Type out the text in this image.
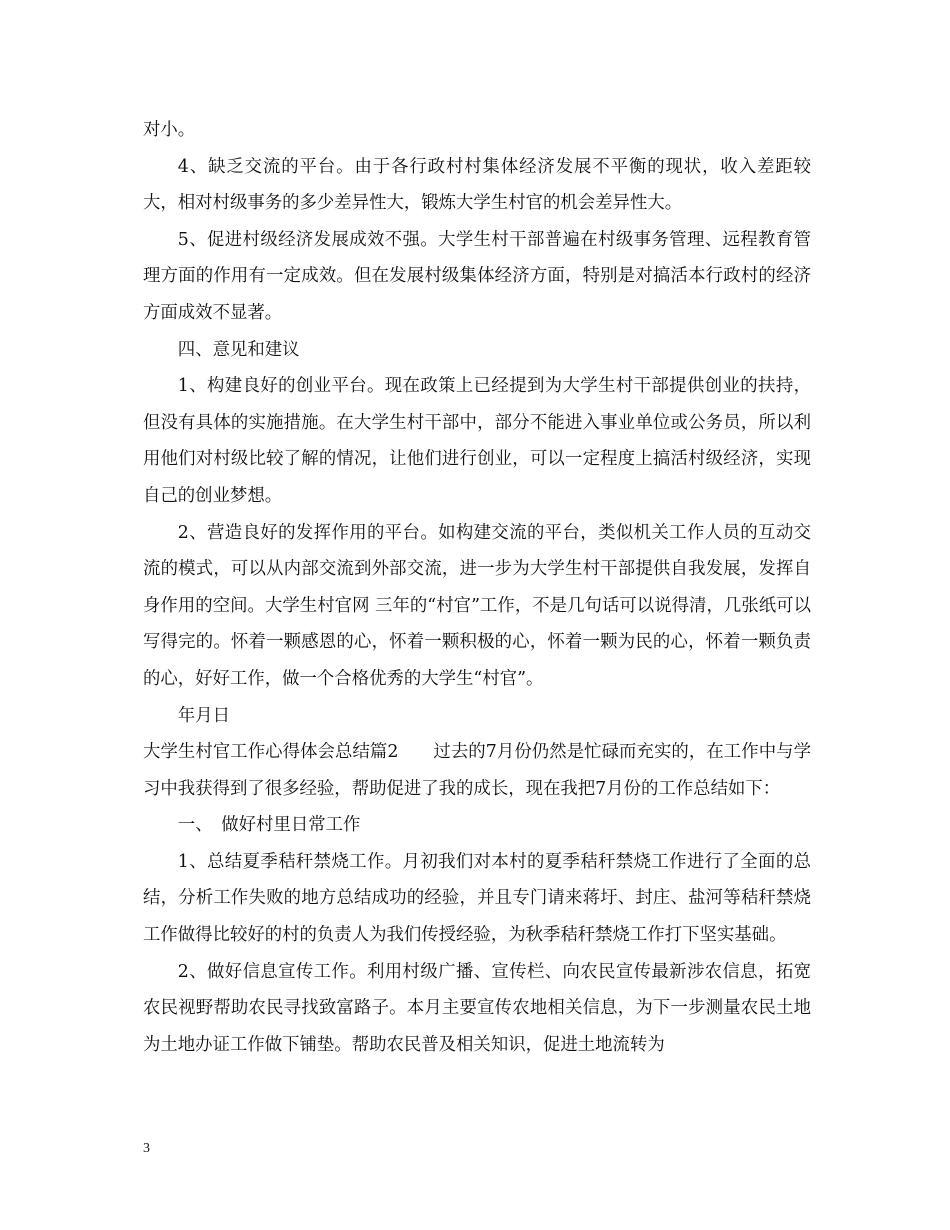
对小。

4、缺乏交流的平台。由于各行政村村集体经济发展不平衡的现状，收入差距较大，相对村级事务的多少差异性大，锻炼大学生村官的机会差异性大。

5、促进村级经济发展成效不强。大学生村干部普遍在村级事务管理、远程教育管理方面的作用有一定成效。但在发展村级集体经济方面，特别是对搞活本行政村的经济方面成效不显著。

四、意见和建议

1、构建良好的创业平台。现在政策上已经提到为大学生村干部提供创业的扶持，但没有具体的实施措施。在大学生村干部中，部分不能进入事业单位或公务员，所以利用他们对村级比较了解的情况，让他们进行创业，可以一定程度上搞活村级经济，实现自己的创业梦想。

2、营造良好的发挥作用的平台。如构建交流的平台，类似机关工作人员的互动交流的模式，可以从内部交流到外部交流，进一步为大学生村干部提供自我发展，发挥自身作用的空间。大学生村官网 三年的“村官”工作，不是几句话可以说得清，几张纸可以写得完的。怀着一颗感恩的心，怀着一颗积极的心，怀着一颗为民的心，怀着一颗负责的心，好好工作，做一个合格优秀的大学生“村官”。

年月日

大学生村官工作心得体会总结篇2　　过去的7月份仍然是忙碌而充实的，在工作中与学习中我获得到了很多经验，帮助促进了我的成长，现在我把7月份的工作总结如下：

一、　做好村里日常工作

1、总结夏季秸秆禁烧工作。月初我们对本村的夏季秸秆禁烧工作进行了全面的总结，分析工作失败的地方总结成功的经验，并且专门请来蒋圩、封庄、盐河等秸秆禁烧工作做得比较好的村的负责人为我们传授经验，为秋季秸秆禁烧工作打下坚实基础。

2、做好信息宣传工作。利用村级广播、宣传栏、向农民宣传最新涉农信息，拓宽农民视野帮助农民寻找致富路子。本月主要宣传农地相关信息，为下一步测量农民土地为土地办证工作做下铺垫。帮助农民普及相关知识，促进土地流转为

3
